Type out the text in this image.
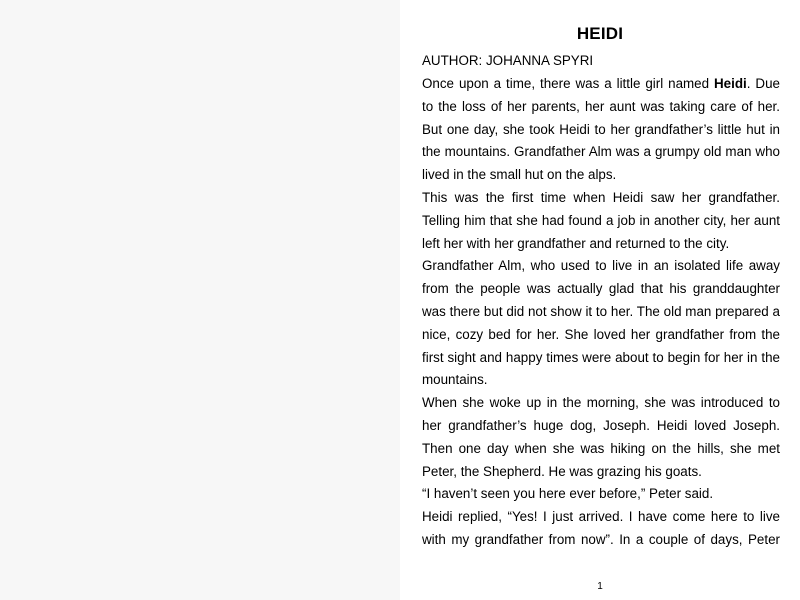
HEIDI
AUTHOR: JOHANNA SPYRI

Once upon a time, there was a little girl named Heidi. Due to the loss of her parents, her aunt was taking care of her. But one day, she took Heidi to her grandfather’s little hut in the mountains. Grandfather Alm was a grumpy old man who lived in the small hut on the alps.

This was the first time when Heidi saw her grandfather. Telling him that she had found a job in another city, her aunt left her with her grandfather and returned to the city.

Grandfather Alm, who used to live in an isolated life away from the people was actually glad that his granddaughter was there but did not show it to her. The old man prepared a nice, cozy bed for her. She loved her grandfather from the first sight and happy times were about to begin for her in the mountains.

When she woke up in the morning, she was introduced to her grandfather’s huge dog, Joseph. Heidi loved Joseph. Then one day when she was hiking on the hills, she met Peter, the Shepherd. He was grazing his goats.

“I haven’t seen you here ever before,” Peter said.

Heidi replied, “Yes! I just arrived. I have come here to live with my grandfather from now”. In a couple of days, Peter

1
